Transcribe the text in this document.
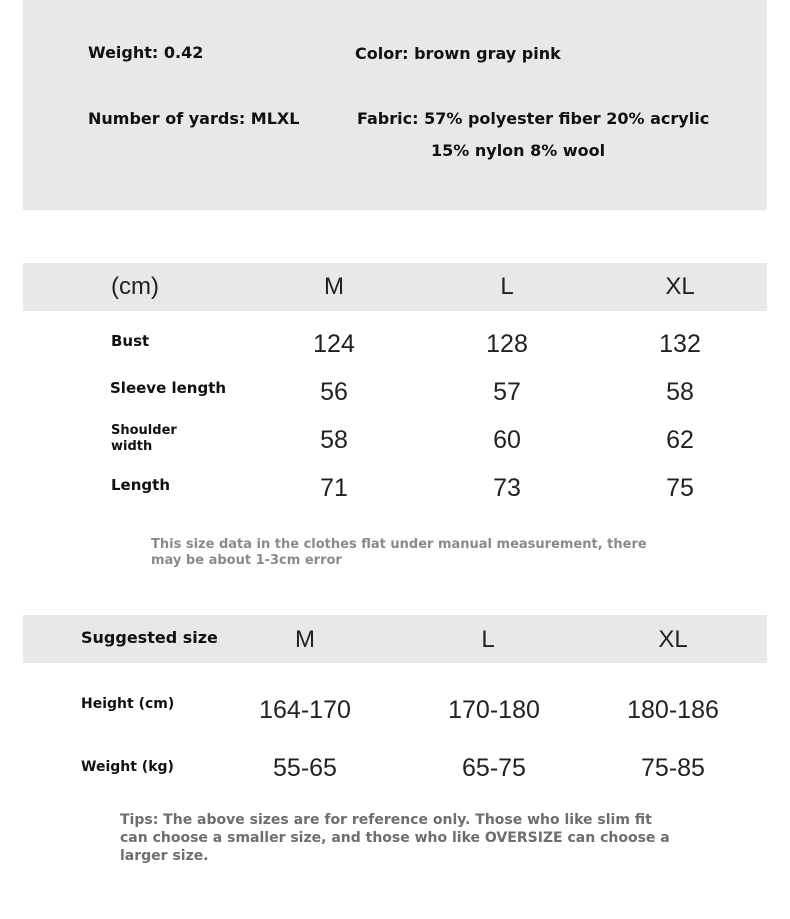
Weight: 0.42	Color: brown gray pink
Number of yards: MLXL	Fabric: 57% polyester fiber 20% acrylic
15% nylon 8% wool
(cm)	M	L	XL
Bust	124	128	132
Sleeve length	56	57	58
Shoulder
width	58	60	62
Length	71	73	75
This size data in the clothes flat under manual measurement, there may be about 1-3cm error
Suggested size	M	L	XL
Height (cm)	164-170	170-180	180-186
Weight (kg)	55-65	65-75	75-85
Tips: The above sizes are for reference only. Those who like slim fit can choose a smaller size, and those who like OVERSIZE can choose a larger size.
